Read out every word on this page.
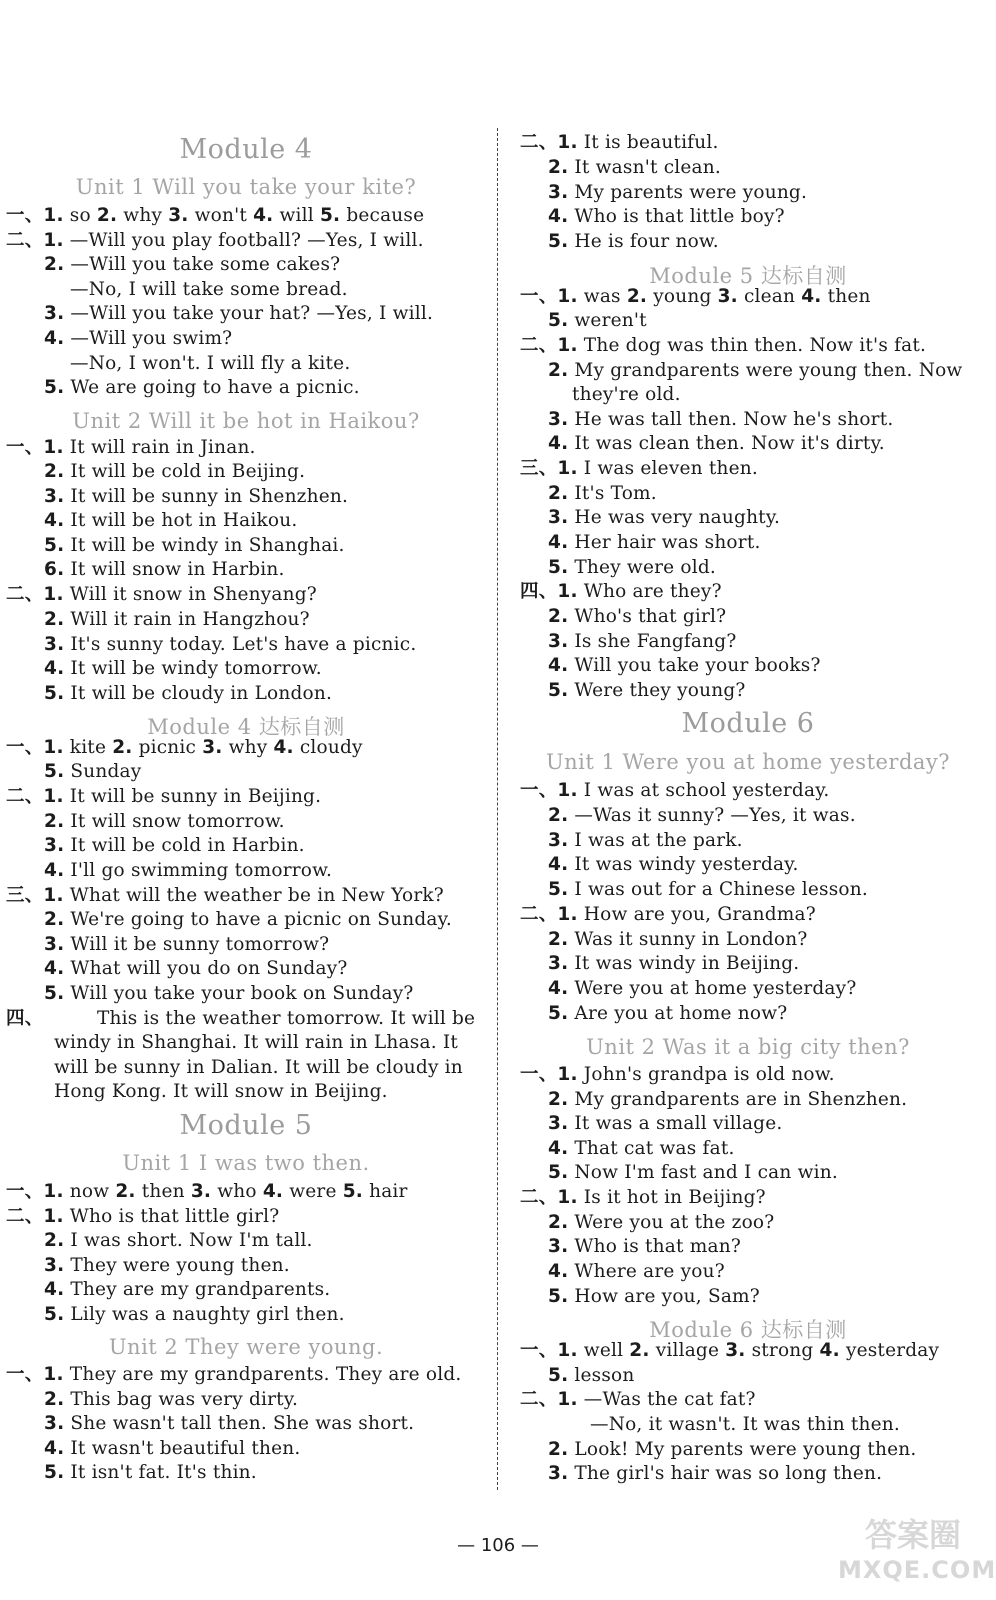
Module 4
Unit 1 Will you take your kite?
一、1. so 2. why 3. won't 4. will 5. because
二、1. —Will you play football? —Yes, I will.
2. —Will you take some cakes?
—No, I will take some bread.
3. —Will you take your hat? —Yes, I will.
4. —Will you swim?
—No, I won't. I will fly a kite.
5. We are going to have a picnic.
Unit 2 Will it be hot in Haikou?
一、1. It will rain in Jinan.
2. It will be cold in Beijing.
3. It will be sunny in Shenzhen.
4. It will be hot in Haikou.
5. It will be windy in Shanghai.
6. It will snow in Harbin.
二、1. Will it snow in Shenyang?
2. Will it rain in Hangzhou?
3. It's sunny today. Let's have a picnic.
4. It will be windy tomorrow.
5. It will be cloudy in London.
Module 4 达标自测
一、1. kite 2. picnic 3. why 4. cloudy
5. Sunday
二、1. It will be sunny in Beijing.
2. It will snow tomorrow.
3. It will be cold in Harbin.
4. I'll go swimming tomorrow.
三、1. What will the weather be in New York?
2. We're going to have a picnic on Sunday.
3. Will it be sunny tomorrow?
4. What will you do on Sunday?
5. Will you take your book on Sunday?
四、	This is the weather tomorrow. It will be
windy in Shanghai. It will rain in Lhasa. It
will be sunny in Dalian. It will be cloudy in
Hong Kong. It will snow in Beijing.
Module 5
Unit 1 I was two then.
一、1. now 2. then 3. who 4. were 5. hair
二、1. Who is that little girl?
2. I was short. Now I'm tall.
3. They were young then.
4. They are my grandparents.
5. Lily was a naughty girl then.
Unit 2 They were young.
一、1. They are my grandparents. They are old.
2. This bag was very dirty.
3. She wasn't tall then. She was short.
4. It wasn't beautiful then.
5. It isn't fat. It's thin.
二、1. It is beautiful.
2. It wasn't clean.
3. My parents were young.
4. Who is that little boy?
5. He is four now.
Module 5 达标自测
一、1. was 2. young 3. clean 4. then
5. weren't
二、1. The dog was thin then. Now it's fat.
2. My grandparents were young then. Now
they're old.
3. He was tall then. Now he's short.
4. It was clean then. Now it's dirty.
三、1. I was eleven then.
2. It's Tom.
3. He was very naughty.
4. Her hair was short.
5. They were old.
四、1. Who are they?
2. Who's that girl?
3. Is she Fangfang?
4. Will you take your books?
5. Were they young?
Module 6
Unit 1 Were you at home yesterday?
一、1. I was at school yesterday.
2. —Was it sunny? —Yes, it was.
3. I was at the park.
4. It was windy yesterday.
5. I was out for a Chinese lesson.
二、1. How are you, Grandma?
2. Was it sunny in London?
3. It was windy in Beijing.
4. Were you at home yesterday?
5. Are you at home now?
Unit 2 Was it a big city then?
一、1. John's grandpa is old now.
2. My grandparents are in Shenzhen.
3. It was a small village.
4. That cat was fat.
5. Now I'm fast and I can win.
二、1. Is it hot in Beijing?
2. Were you at the zoo?
3. Who is that man?
4. Where are you?
5. How are you, Sam?
Module 6 达标自测
一、1. well 2. village 3. strong 4. yesterday
5. lesson
二、1. —Was the cat fat?
—No, it wasn't. It was thin then.
2. Look! My parents were young then.
3. The girl's hair was so long then.
— 106 —	答案圈
MXQE.COM
